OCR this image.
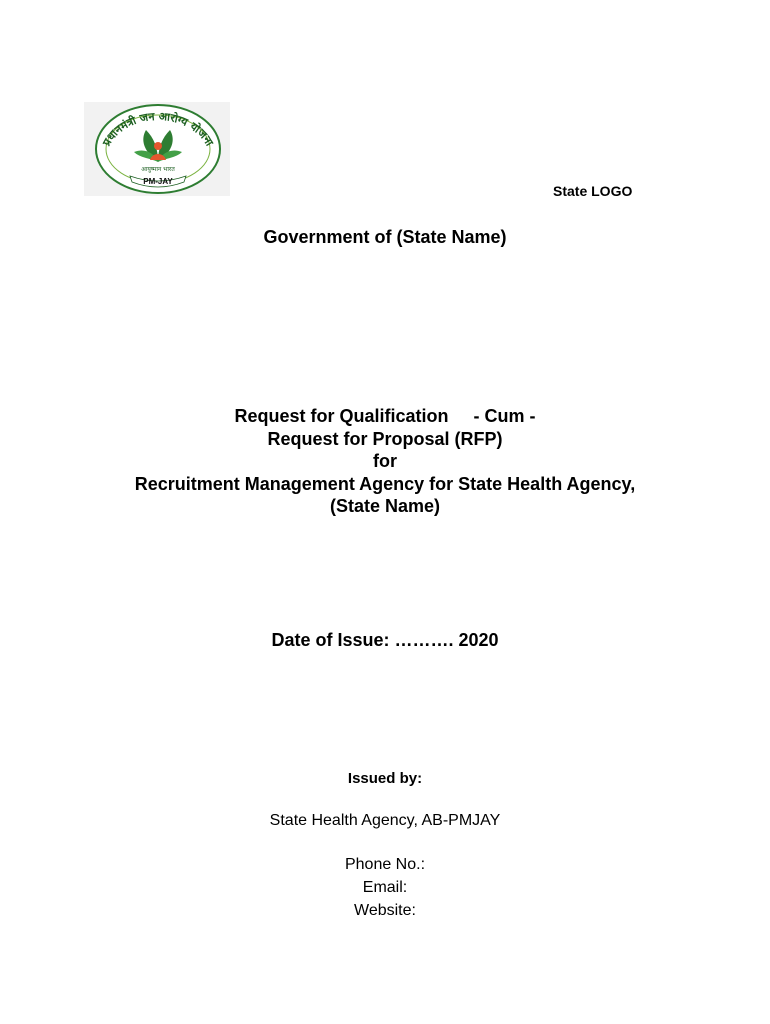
प्रधानमंत्री जन आरोग्य योजना
आयुष्मान भारत
PM-JAY
State LOGO
Government of (State Name)
Request for Qualification     - Cum -
Request for Proposal (RFP)
for
Recruitment Management Agency for State Health Agency,
(State Name)
Date of Issue: ………. 2020
Issued by:
State Health Agency, AB-PMJAY
Phone No.:
Email:
Website:
